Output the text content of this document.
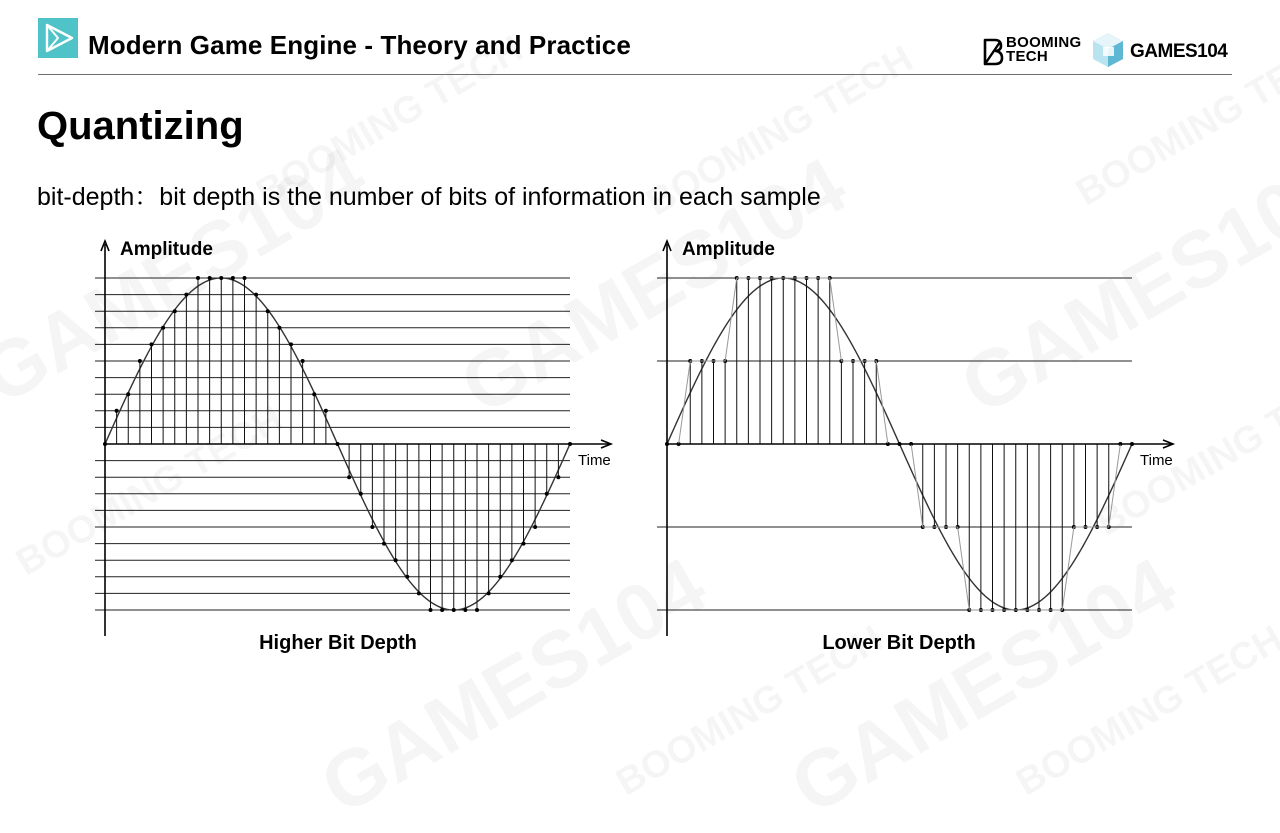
Modern Game Engine - Theory and Practice	BOOMING
TECH	GAMES104
Quantizing
bit-depth：bit depth is the number of bits of information in each sample
Amplitude
Time
Higher Bit Depth
Amplitude
Time
Lower Bit Depth
